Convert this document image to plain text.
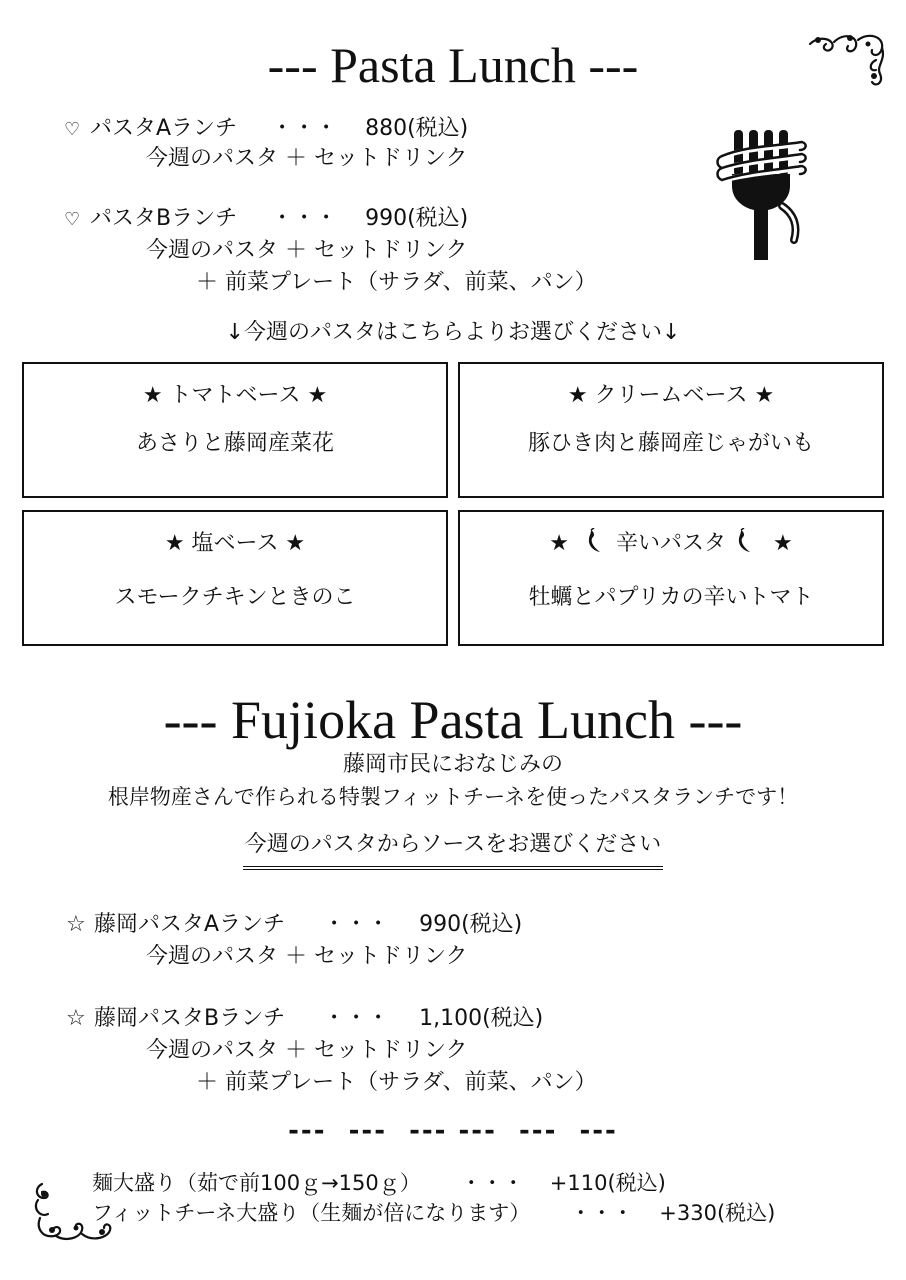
--- Pasta Lunch ---
♡ パスタAランチ ・・・ 880(税込)
今週のパスタ ＋ セットドリンク
♡ パスタBランチ ・・・ 990(税込)
今週のパスタ ＋ セットドリンク
＋ 前菜プレート（サラダ、前菜、パン）
↓今週のパスタはこちらよりお選びください↓
★ トマトベース ★
あさりと藤岡産菜花
★ クリームベース ★
豚ひき肉と藤岡産じゃがいも
★ 塩ベース ★
スモークチキンときのこ
★ 辛いパスタ ★
牡蠣とパプリカの辛いトマト
--- Fujioka Pasta Lunch ---
藤岡市民におなじみの
根岸物産さんで作られる特製フィットチーネを使ったパスタランチです！
今週のパスタからソースをお選びください
☆ 藤岡パスタAランチ ・・・ 990(税込)
今週のパスタ ＋ セットドリンク
☆ 藤岡パスタBランチ ・・・ 1,100(税込)
今週のパスタ ＋ セットドリンク
＋ 前菜プレート（サラダ、前菜、パン）
---  ---  --- ---  ---  ---
麺大盛り（茹で前100ｇ→150ｇ） ・・・ +110(税込)
フィットチーネ大盛り（生麺が倍になります） ・・・ +330(税込)
